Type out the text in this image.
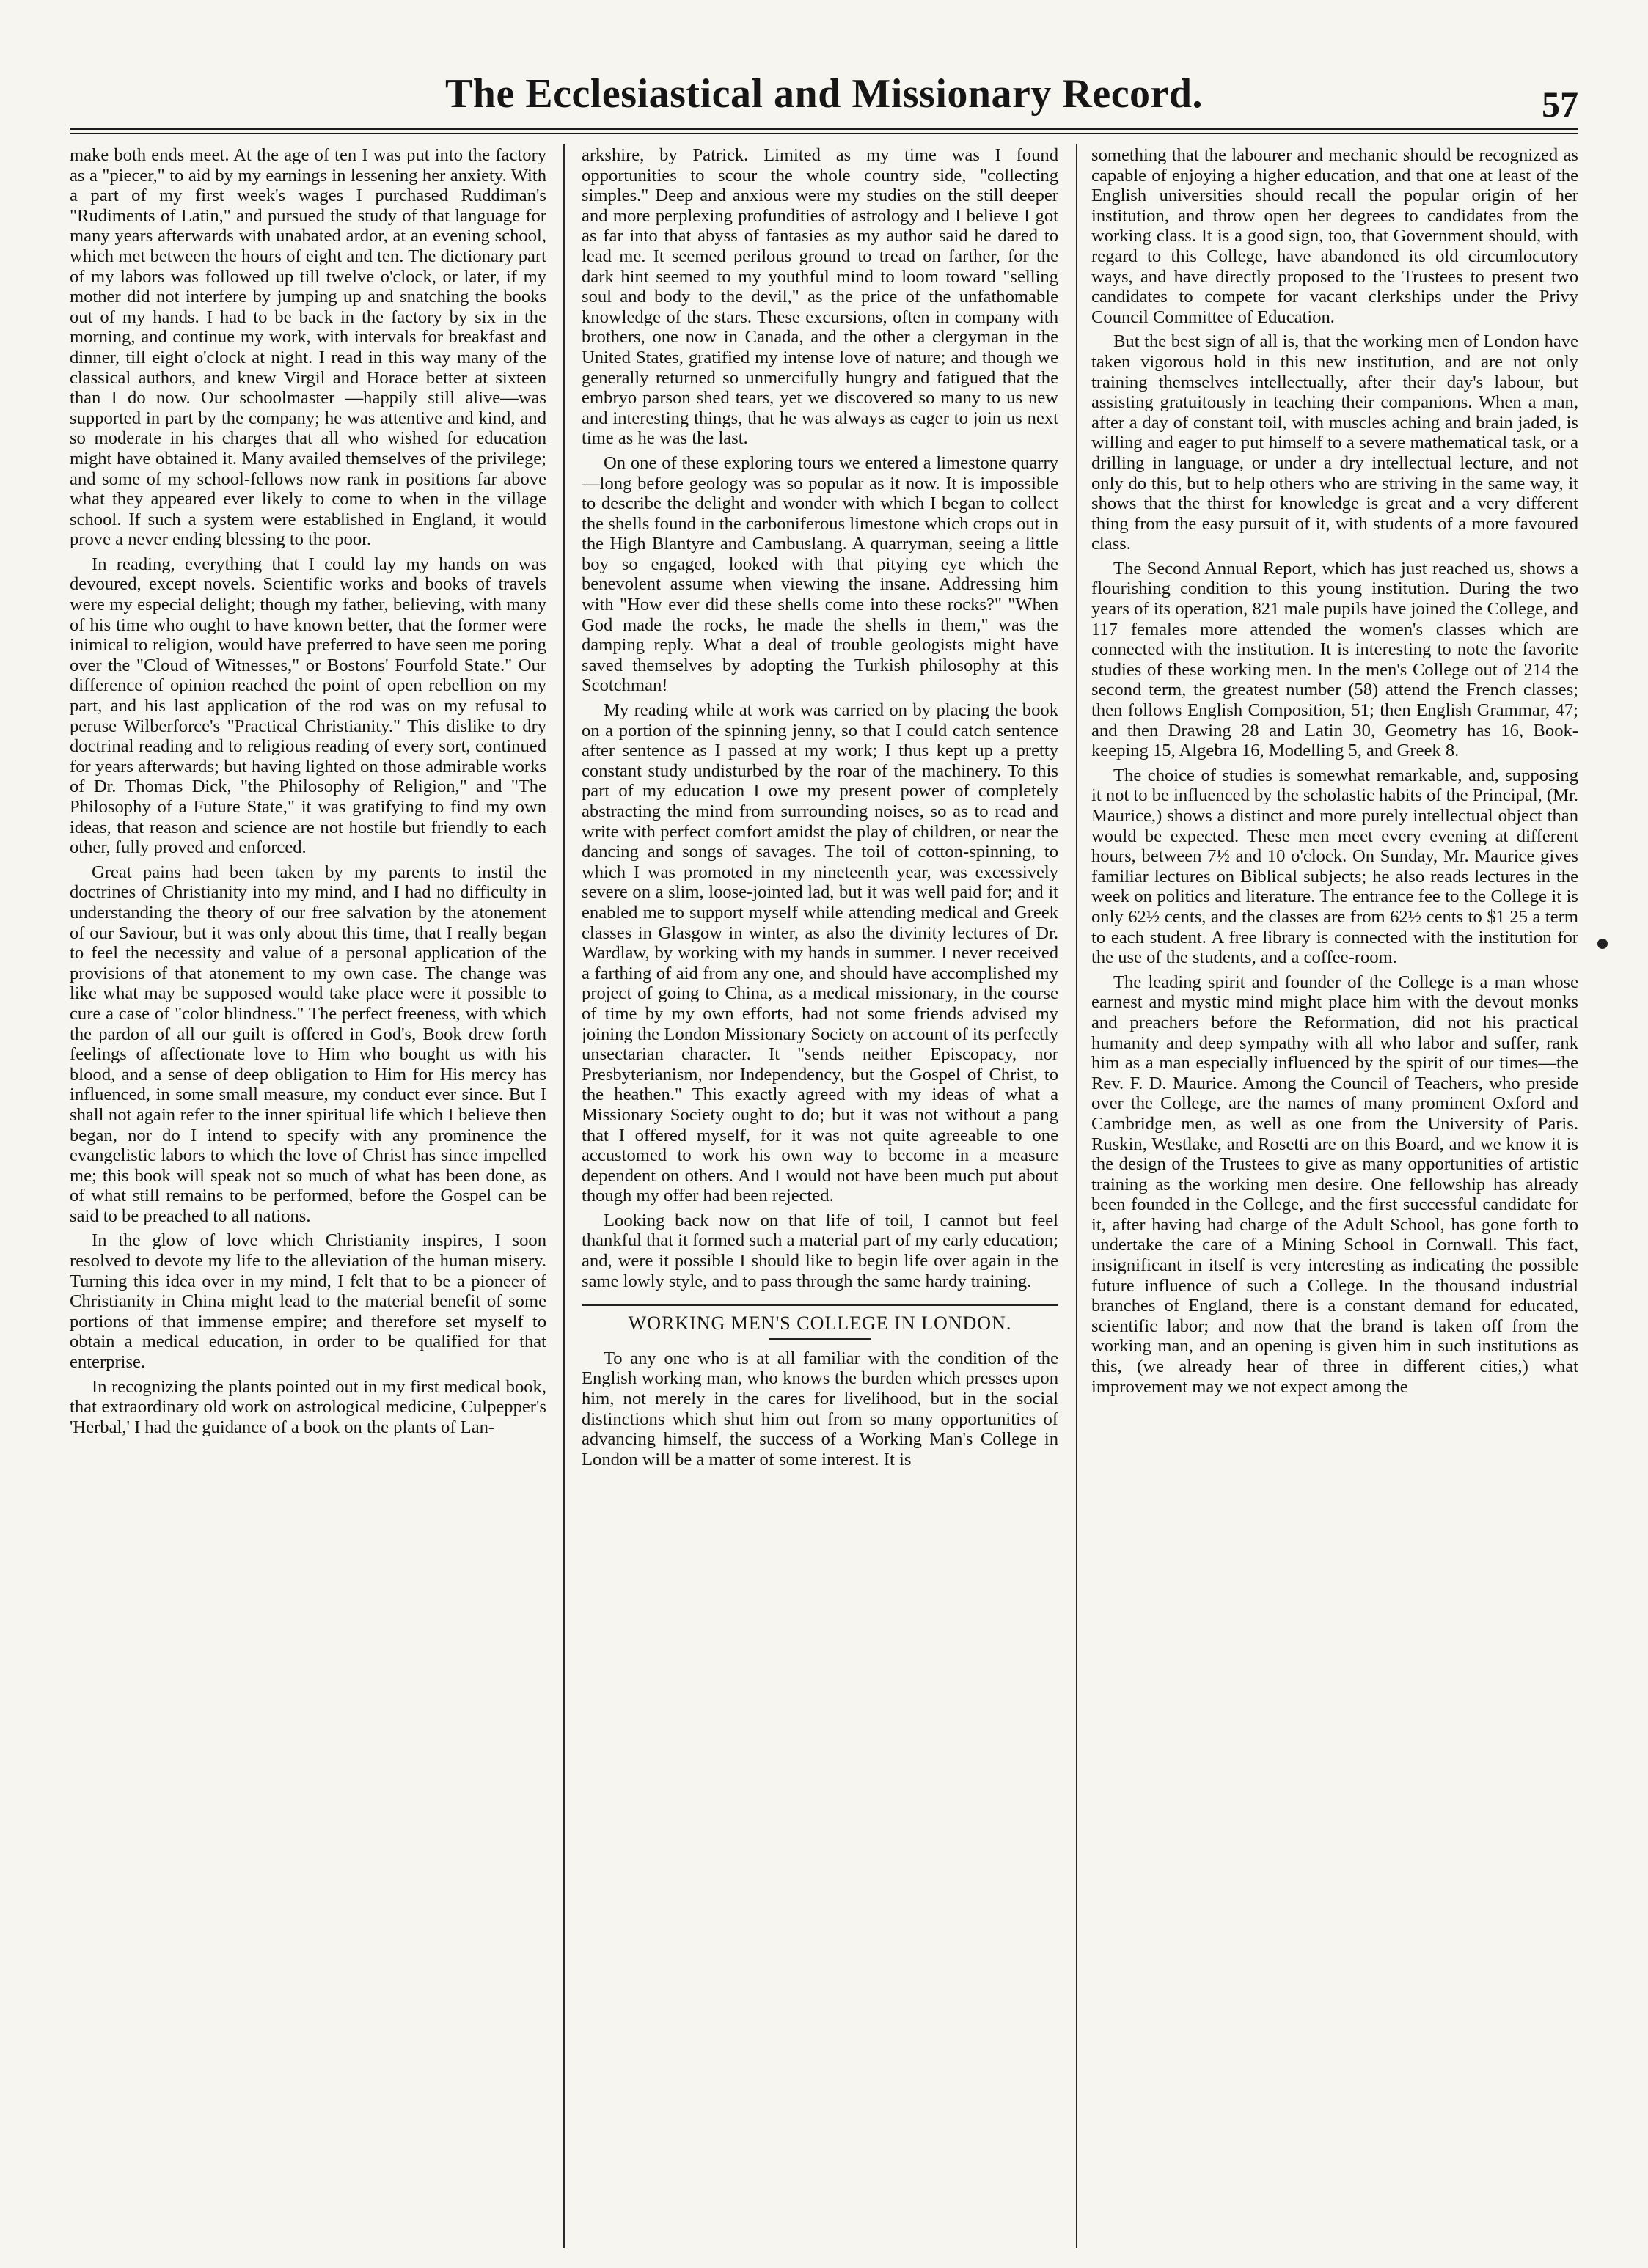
The Ecclesiastical and Missionary Record.	57

make both ends meet. At the age of ten I was put into the factory as a "piecer," to aid by my earnings in lessening her anxiety. With a part of my first week's wages I purchased Ruddiman's "Rudiments of Latin," and pursued the study of that language for many years afterwards with unabated ardor, at an evening school, which met between the hours of eight and ten. The dictionary part of my labors was followed up till twelve o'clock, or later, if my mother did not interfere by jumping up and snatching the books out of my hands. I had to be back in the factory by six in the morning, and continue my work, with intervals for breakfast and dinner, till eight o'clock at night. I read in this way many of the classical authors, and knew Virgil and Horace better at sixteen than I do now. Our schoolmaster —happily still alive—was supported in part by the company; he was attentive and kind, and so moderate in his charges that all who wished for education might have obtained it. Many availed themselves of the privilege; and some of my school-fellows now rank in positions far above what they appeared ever likely to come to when in the village school. If such a system were established in England, it would prove a never ending blessing to the poor.

In reading, everything that I could lay my hands on was devoured, except novels. Scientific works and books of travels were my especial delight; though my father, believing, with many of his time who ought to have known better, that the former were inimical to religion, would have preferred to have seen me poring over the "Cloud of Witnesses," or Bostons' Fourfold State." Our difference of opinion reached the point of open rebellion on my part, and his last application of the rod was on my refusal to peruse Wilberforce's "Practical Christianity." This dislike to dry doctrinal reading and to religious reading of every sort, continued for years afterwards; but having lighted on those admirable works of Dr. Thomas Dick, "the Philosophy of Religion," and "The Philosophy of a Future State," it was gratifying to find my own ideas, that reason and science are not hostile but friendly to each other, fully proved and enforced.

Great pains had been taken by my parents to instil the doctrines of Christianity into my mind, and I had no difficulty in understanding the theory of our free salvation by the atonement of our Saviour, but it was only about this time, that I really began to feel the necessity and value of a personal application of the provisions of that atonement to my own case. The change was like what may be supposed would take place were it possible to cure a case of "color blindness." The perfect freeness, with which the pardon of all our guilt is offered in God's, Book drew forth feelings of affectionate love to Him who bought us with his blood, and a sense of deep obligation to Him for His mercy has influenced, in some small measure, my conduct ever since. But I shall not again refer to the inner spiritual life which I believe then began, nor do I intend to specify with any prominence the evangelistic labors to which the love of Christ has since impelled me; this book will speak not so much of what has been done, as of what still remains to be performed, before the Gospel can be said to be preached to all nations.

In the glow of love which Christianity inspires, I soon resolved to devote my life to the alleviation of the human misery. Turning this idea over in my mind, I felt that to be a pioneer of Christianity in China might lead to the material benefit of some portions of that immense empire; and therefore set myself to obtain a medical education, in order to be qualified for that enterprise.

In recognizing the plants pointed out in my first medical book, that extraordinary old work on astrological medicine, Culpepper's 'Herbal,' I had the guidance of a book on the plants of Lan-

arkshire, by Patrick. Limited as my time was I found opportunities to scour the whole country side, "collecting simples." Deep and anxious were my studies on the still deeper and more perplexing profundities of astrology and I believe I got as far into that abyss of fantasies as my author said he dared to lead me. It seemed perilous ground to tread on farther, for the dark hint seemed to my youthful mind to loom toward "selling soul and body to the devil," as the price of the unfathomable knowledge of the stars. These excursions, often in company with brothers, one now in Canada, and the other a clergyman in the United States, gratified my intense love of nature; and though we generally returned so unmercifully hungry and fatigued that the embryo parson shed tears, yet we discovered so many to us new and interesting things, that he was always as eager to join us next time as he was the last.

On one of these exploring tours we entered a limestone quarry—long before geology was so popular as it now. It is impossible to describe the delight and wonder with which I began to collect the shells found in the carboniferous limestone which crops out in the High Blantyre and Cambuslang. A quarryman, seeing a little boy so engaged, looked with that pitying eye which the benevolent assume when viewing the insane. Addressing him with "How ever did these shells come into these rocks?" "When God made the rocks, he made the shells in them," was the damping reply. What a deal of trouble geologists might have saved themselves by adopting the Turkish philosophy at this Scotchman!

My reading while at work was carried on by placing the book on a portion of the spinning jenny, so that I could catch sentence after sentence as I passed at my work; I thus kept up a pretty constant study undisturbed by the roar of the machinery. To this part of my education I owe my present power of completely abstracting the mind from surrounding noises, so as to read and write with perfect comfort amidst the play of children, or near the dancing and songs of savages. The toil of cotton-spinning, to which I was promoted in my nineteenth year, was excessively severe on a slim, loose-jointed lad, but it was well paid for; and it enabled me to support myself while attending medical and Greek classes in Glasgow in winter, as also the divinity lectures of Dr. Wardlaw, by working with my hands in summer. I never received a farthing of aid from any one, and should have accomplished my project of going to China, as a medical missionary, in the course of time by my own efforts, had not some friends advised my joining the London Missionary Society on account of its perfectly unsectarian character. It "sends neither Episcopacy, nor Presbyterianism, nor Independency, but the Gospel of Christ, to the heathen." This exactly agreed with my ideas of what a Missionary Society ought to do; but it was not without a pang that I offered myself, for it was not quite agreeable to one accustomed to work his own way to become in a measure dependent on others. And I would not have been much put about though my offer had been rejected.

Looking back now on that life of toil, I cannot but feel thankful that it formed such a material part of my early education; and, were it possible I should like to begin life over again in the same lowly style, and to pass through the same hardy training.

WORKING MEN'S COLLEGE IN LONDON.

To any one who is at all familiar with the condition of the English working man, who knows the burden which presses upon him, not merely in the cares for livelihood, but in the social distinctions which shut him out from so many opportunities of advancing himself, the success of a Working Man's College in London will be a matter of some interest. It is

something that the labourer and mechanic should be recognized as capable of enjoying a higher education, and that one at least of the English universities should recall the popular origin of her institution, and throw open her degrees to candidates from the working class. It is a good sign, too, that Government should, with regard to this College, have abandoned its old circumlocutory ways, and have directly proposed to the Trustees to present two candidates to compete for vacant clerkships under the Privy Council Committee of Education.

But the best sign of all is, that the working men of London have taken vigorous hold in this new institution, and are not only training themselves intellectually, after their day's labour, but assisting gratuitously in teaching their companions. When a man, after a day of constant toil, with muscles aching and brain jaded, is willing and eager to put himself to a severe mathematical task, or a drilling in language, or under a dry intellectual lecture, and not only do this, but to help others who are striving in the same way, it shows that the thirst for knowledge is great and a very different thing from the easy pursuit of it, with students of a more favoured class.

The Second Annual Report, which has just reached us, shows a flourishing condition to this young institution. During the two years of its operation, 821 male pupils have joined the College, and 117 females more attended the women's classes which are connected with the institution. It is interesting to note the favorite studies of these working men. In the men's College out of 214 the second term, the greatest number (58) attend the French classes; then follows English Composition, 51; then English Grammar, 47; and then Drawing 28 and Latin 30, Geometry has 16, Book-keeping 15, Algebra 16, Modelling 5, and Greek 8.

The choice of studies is somewhat remarkable, and, supposing it not to be influenced by the scholastic habits of the Principal, (Mr. Maurice,) shows a distinct and more purely intellectual object than would be expected. These men meet every evening at different hours, between 7½ and 10 o'clock. On Sunday, Mr. Maurice gives familiar lectures on Biblical subjects; he also reads lectures in the week on politics and literature. The entrance fee to the College it is only 62½ cents, and the classes are from 62½ cents to $1 25 a term to each student. A free library is connected with the institution for the use of the students, and a coffee-room.

The leading spirit and founder of the College is a man whose earnest and mystic mind might place him with the devout monks and preachers before the Reformation, did not his practical humanity and deep sympathy with all who labor and suffer, rank him as a man especially influenced by the spirit of our times—the Rev. F. D. Maurice. Among the Council of Teachers, who preside over the College, are the names of many prominent Oxford and Cambridge men, as well as one from the University of Paris. Ruskin, Westlake, and Rosetti are on this Board, and we know it is the design of the Trustees to give as many opportunities of artistic training as the working men desire. One fellowship has already been founded in the College, and the first successful candidate for it, after having had charge of the Adult School, has gone forth to undertake the care of a Mining School in Cornwall. This fact, insignificant in itself is very interesting as indicating the possible future influence of such a College. In the thousand industrial branches of England, there is a constant demand for educated, scientific labor; and now that the brand is taken off from the working man, and an opening is given him in such institutions as this, (we already hear of three in different cities,) what improvement may we not expect among the
